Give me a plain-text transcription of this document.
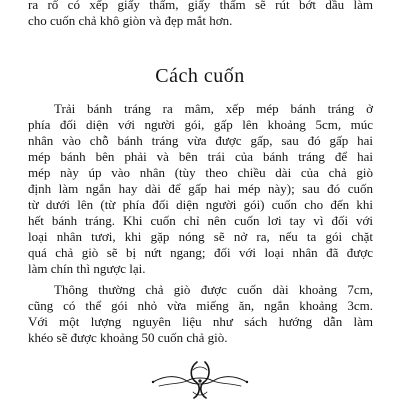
ra rổ có xếp giấy thấm, giấy thấm sẽ rút bớt dầu làm
cho cuốn chả khô giòn và đẹp mắt hơn.
Cách cuốn
Trải bánh tráng ra mâm, xếp mép bánh tráng ở
phía đối diện với người gói, gấp lên khoảng 5cm, múc
nhân vào chỗ bánh tráng vừa được gấp, sau đó gấp hai
mép bánh bên phải và bên trái của bánh tráng để hai
mép này úp vào nhân (tùy theo chiều dài của chả giò
định làm ngắn hay dài để gấp hai mép này); sau đó cuốn
từ dưới lên (từ phía đối diện người gói) cuốn cho đến khi
hết bánh tráng. Khi cuốn chỉ nên cuốn lơi tay vì đối với
loại nhân tươi, khi gặp nóng sẽ nở ra, nếu ta gói chặt
quá chả giò sẽ bị nứt ngang; đối với loại nhân đã được
làm chín thì ngược lại.
Thông thường chả giò được cuốn dài khoảng 7cm,
cũng có thể gói nhỏ vừa miếng ăn, ngắn khoảng 3cm.
Với một lượng nguyên liệu như sách hướng dẫn làm
khéo sẽ được khoảng 50 cuốn chả giò.
